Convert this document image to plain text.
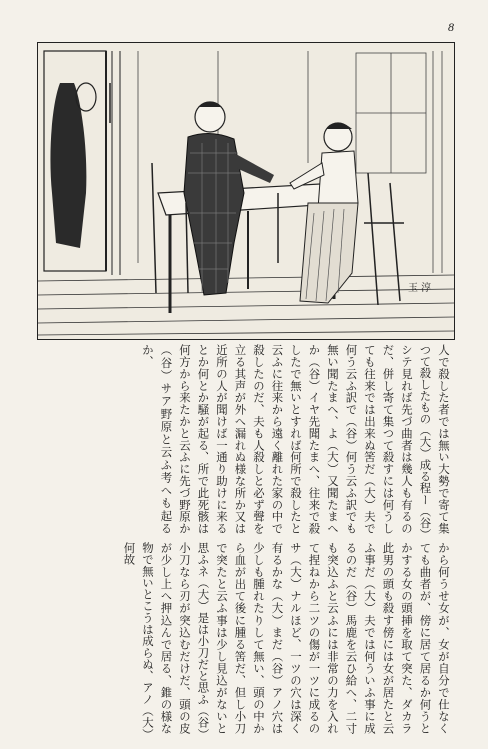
8
玉 淳

人で殺した者では無い大勢で寄て集つて殺したもの（大）成る程ー（谷）シテ見れば先づ曲者は幾人も有るのだ、併し寄て集つて殺すには何うしても往来では出来ぬ筈だ（大）夫で何う云ふ訳で（谷）何う云ふ訳でも無い聞たまへ、よ（大）又聞たまへか（谷）イヤ先聞たまへ、往来で殺したで無いとすれば何所で殺したと云ふに往来から遠く離れた家の中で殺したのだ、夫も人殺しと必ず聲を立る其声が外へ漏れぬ様な所か又は近所の人が聞けば一通り助けに来るとか何とか騒が起る、所で此死骸は何方から来たかと云ふに先づ野原か（谷）サア野原と云ふ考へも起るか、

から何うせ女が、女が自分で仕なくても曲者が、傍に居て居るか何うとかする女の頭挿を取て突た、ダカラ此男の頭も殺す傍には女が居たと云ふ事だ（大）夫では何ういふ事に成るのだ（谷）馬鹿を云ひ給へ、二寸も突込ふと云ふには非常の力を入れて捏ねから二ツの傷が一ツに成るのサ（大）ナルほど、一ツの穴は深く有るかな（大）まだ（谷）アノ穴は少しも腫れたりして無い、頭の中から血が出て後に腫る筈だ、但し小刀で突たと云ふ事は少し見込がないと思ふネ（大）是は小刀だと思ふ（谷）小刀なら刃が突込むだけだ、頭の皮が少し上へ押込んで居る、錐の様な物で無いとこうは成らぬ、アノ（大）何故
